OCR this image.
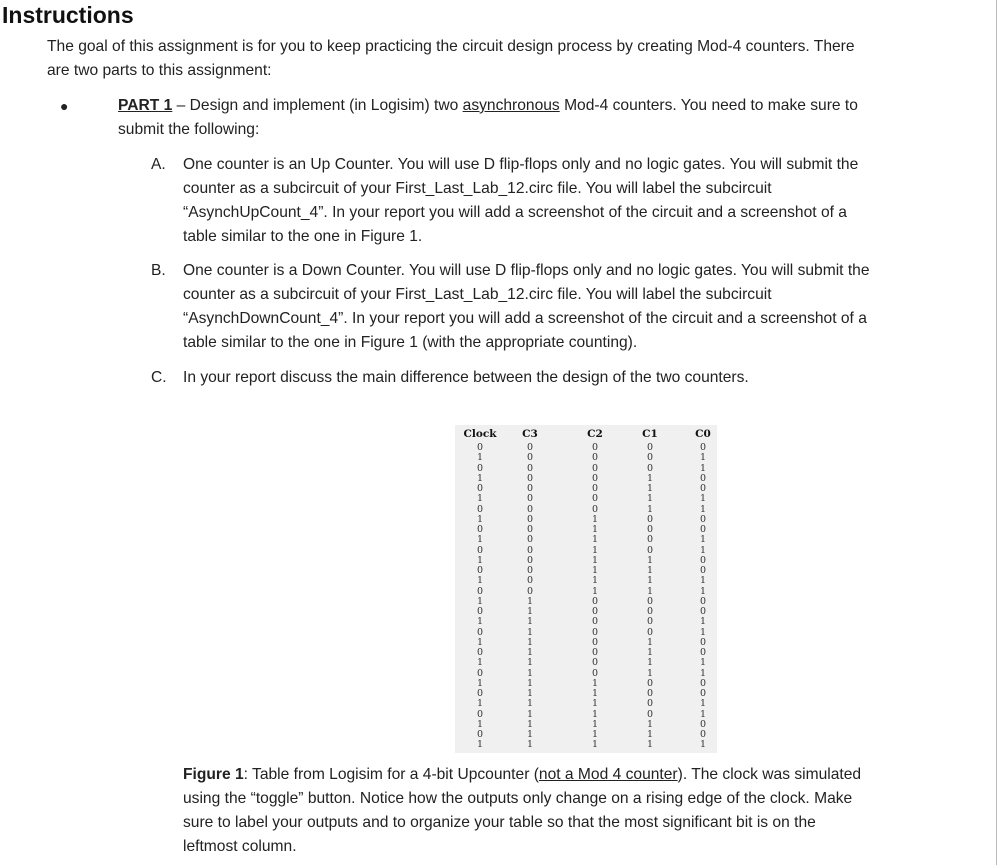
Instructions
The goal of this assignment is for you to keep practicing the circuit design process by creating Mod-4 counters. There
are two parts to this assignment:
●	PART 1 – Design and implement (in Logisim) two asynchronous Mod-4 counters. You need to make sure to
submit the following:
A. One counter is an Up Counter. You will use D flip-flops only and no logic gates. You will submit the
counter as a subcircuit of your First_Last_Lab_12.circ file. You will label the subcircuit
“AsynchUpCount_4”. In your report you will add a screenshot of the circuit and a screenshot of a
table similar to the one in Figure 1.
B. One counter is a Down Counter. You will use D flip-flops only and no logic gates. You will submit the
counter as a subcircuit of your First_Last_Lab_12.circ file. You will label the subcircuit
“AsynchDownCount_4”. In your report you will add a screenshot of the circuit and a screenshot of a
table similar to the one in Figure 1 (with the appropriate counting).
C. In your report discuss the main difference between the design of the two counters.
Clock C3	C2	C1	C0
0	0	0	0	0
1	0	0	0	1
0	0	0	0	1
1	0	0	1	0
0	0	0	1	0
1	0	0	1	1
0	0	0	1	1
1	0	1	0	0
0	0	1	0	0
1	0	1	0	1
0	0	1	0	1
1	0	1	1	0
0	0	1	1	0
1	0	1	1	1
0	0	1	1	1
1	1	0	0	0
0	1	0	0	0
1	1	0	0	1
0	1	0	0	1
1	1	0	1	0
0	1	0	1	0
1	1	0	1	1
0	1	0	1	1
1	1	1	0	0
0	1	1	0	0
1	1	1	0	1
0	1	1	0	1
1	1	1	1	0
0	1	1	1	0
1	1	1	1	1
Figure 1: Table from Logisim for a 4-bit Upcounter (not a Mod 4 counter). The clock was simulated
using the “toggle” button. Notice how the outputs only change on a rising edge of the clock. Make
sure to label your outputs and to organize your table so that the most significant bit is on the
leftmost column.
